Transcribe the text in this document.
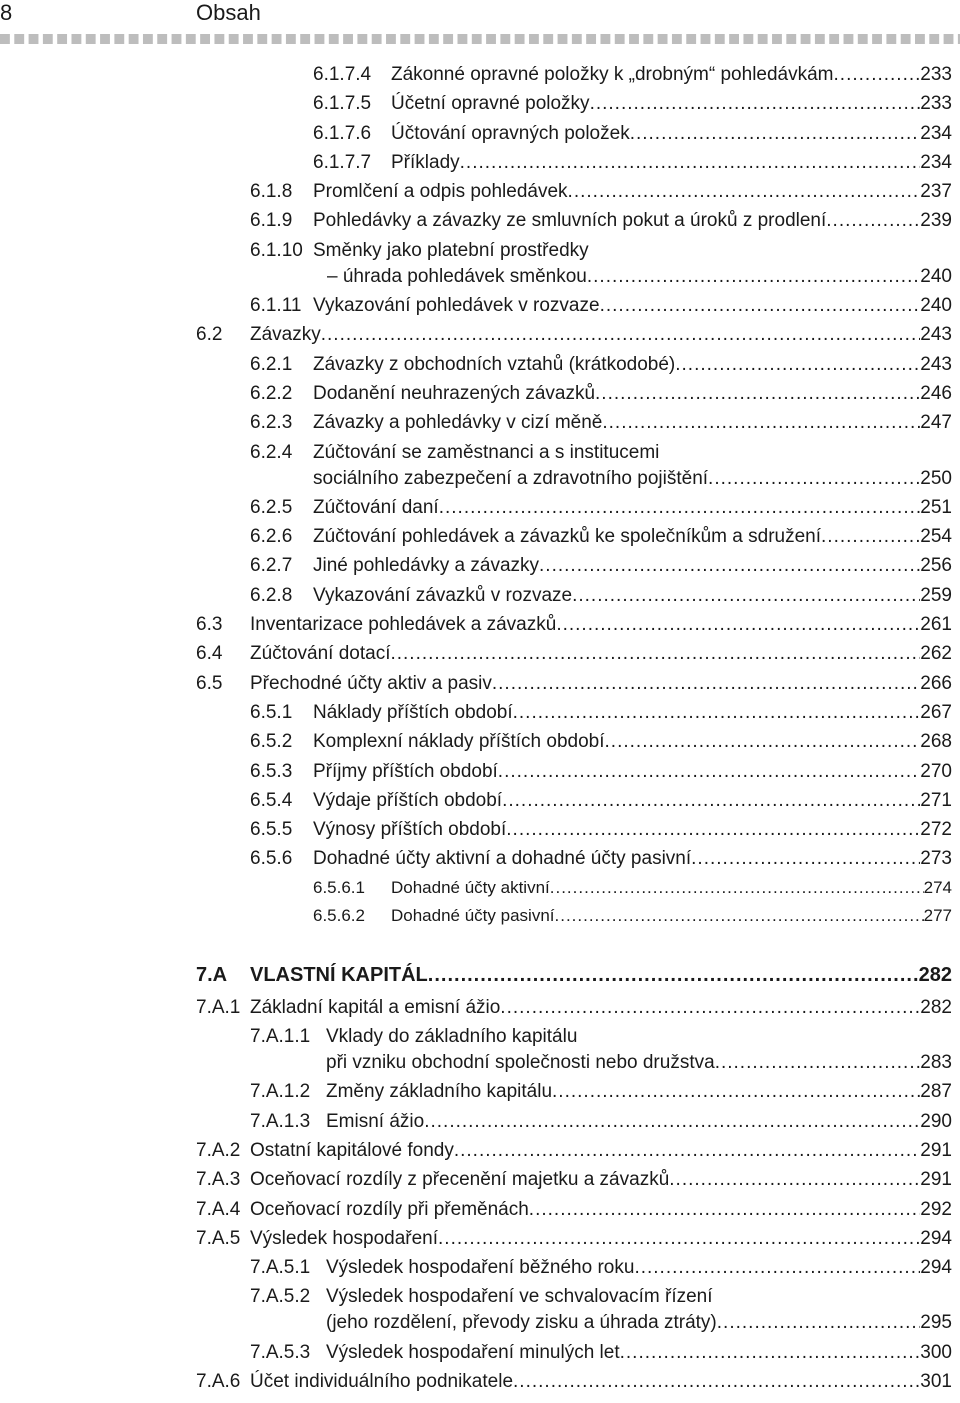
8	Obsah
6.1.7.4 Zákonné opravné položky k „drobným“ pohledávkám .....	233
6.1.7.5 Účetní opravné položky .....	233
6.1.7.6 Účtování opravných položek .....	234
6.1.7.7 Příklady .....	234
6.1.8 Promlčení a odpis pohledávek .....	237
6.1.9 Pohledávky a závazky ze smluvních pokut a úroků z prodlení .....	239
6.1.10 Směnky jako platební prostředky
– úhrada pohledávek směnkou .....	240
6.1.11 Vykazování pohledávek v rozvaze .....	240
6.2 Závazky .....	243
6.2.1 Závazky z obchodních vztahů (krátkodobé) .....	243
6.2.2 Dodanění neuhrazených závazků .....	246
6.2.3 Závazky a pohledávky v cizí měně .....	247
6.2.4 Zúčtování se zaměstnanci a s institucemi
sociálního zabezpečení a zdravotního pojištění .....	250
6.2.5 Zúčtování daní .....	251
6.2.6 Zúčtování pohledávek a závazků ke společníkům a sdružení .....	254
6.2.7 Jiné pohledávky a závazky .....	256
6.2.8 Vykazování závazků v rozvaze .....	259
6.3 Inventarizace pohledávek a závazků .....	261
6.4 Zúčtování dotací .....	262
6.5 Přechodné účty aktiv a pasiv .....	266
6.5.1 Náklady příštích období .....	267
6.5.2 Komplexní náklady příštích období .....	268
6.5.3 Příjmy příštích období .....	270
6.5.4 Výdaje příštích období .....	271
6.5.5 Výnosy příštích období .....	272
6.5.6 Dohadné účty aktivní a dohadné účty pasivní .....	273
6.5.6.1 Dohadné účty aktivní .....	274
6.5.6.2 Dohadné účty pasivní .....	277
7.A VLASTNÍ KAPITÁL .....	282
7.A.1 Základní kapitál a emisní ážio .....	282
7.A.1.1 Vklady do základního kapitálu
při vzniku obchodní společnosti nebo družstva .....	283
7.A.1.2 Změny základního kapitálu .....	287
7.A.1.3 Emisní ážio .....	290
7.A.2 Ostatní kapitálové fondy .....	291
7.A.3 Oceňovací rozdíly z přecenění majetku a závazků .....	291
7.A.4 Oceňovací rozdíly při přeměnách .....	292
7.A.5 Výsledek hospodaření .....	294
7.A.5.1 Výsledek hospodaření běžného roku .....	294
7.A.5.2 Výsledek hospodaření ve schvalovacím řízení
(jeho rozdělení, převody zisku a úhrada ztráty) .....	295
7.A.5.3 Výsledek hospodaření minulých let .....	300
7.A.6 Účet individuálního podnikatele .....	301
